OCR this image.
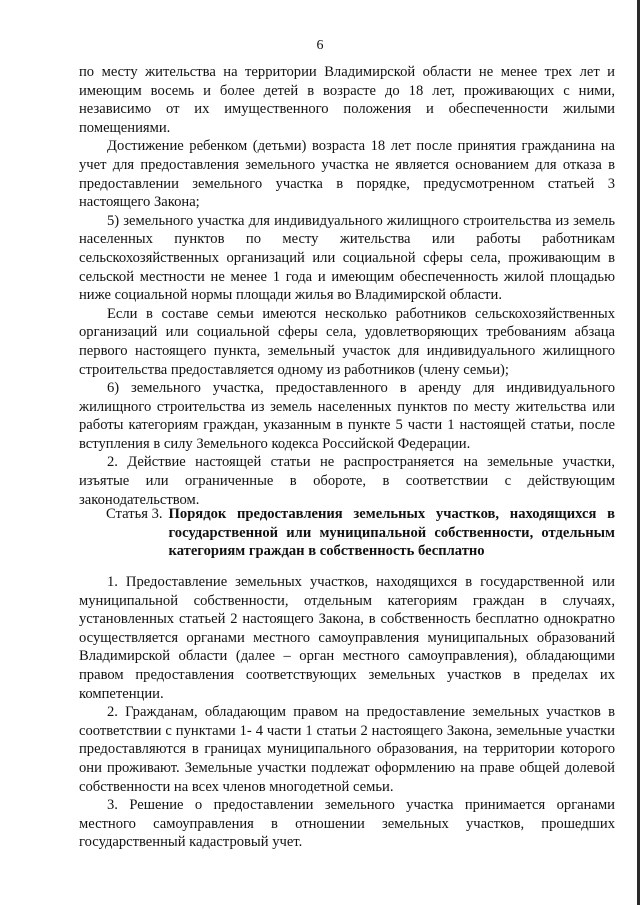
6

по месту жительства на территории Владимирской области не менее трех лет и имеющим восемь и более детей в возрасте до 18 лет, проживающих с ними, независимо от их имущественного положения и обеспеченности жилыми помещениями.

Достижение ребенком (детьми) возраста 18 лет после принятия гражданина на учет для предоставления земельного участка не является основанием для отказа в предоставлении земельного участка в порядке, предусмотренном статьей 3 настоящего Закона;

5) земельного участка для индивидуального жилищного строительства из земель населенных пунктов по месту жительства или работы работникам сельскохозяйственных организаций или социальной сферы села, проживающим в сельской местности не менее 1 года и имеющим обеспеченность жилой площадью ниже социальной нормы площади жилья во Владимирской области.

Если в составе семьи имеются несколько работников сельскохозяйственных организаций или социальной сферы села, удовлетворяющих требованиям абзаца первого настоящего пункта, земельный участок для индивидуального жилищного строительства предоставляется одному из работников (члену семьи);

6) земельного участка, предоставленного в аренду для индивидуального жилищного строительства из земель населенных пунктов по месту жительства или работы категориям граждан, указанным в пункте 5 части 1 настоящей статьи, после вступления в силу Земельного кодекса Российской Федерации.

2. Действие настоящей статьи не распространяется на земельные участки, изъятые или ограниченные в обороте, в соответствии с действующим законодательством.

Статья 3. Порядок предоставления земельных участков, находящихся в государственной или муниципальной собственности, отдельным категориям граждан в собственность бесплатно

1. Предоставление земельных участков, находящихся в государственной или муниципальной собственности, отдельным категориям граждан в случаях, установленных статьей 2 настоящего Закона, в собственность бесплатно однократно осуществляется органами местного самоуправления муниципальных образований Владимирской области (далее – орган местного самоуправления), обладающими правом предоставления соответствующих земельных участков в пределах их компетенции.

2. Гражданам, обладающим правом на предоставление земельных участков в соответствии с пунктами 1- 4 части 1 статьи 2 настоящего Закона, земельные участки предоставляются в границах муниципального образования, на территории которого они проживают. Земельные участки подлежат оформлению на праве общей долевой собственности на всех членов многодетной семьи.

3. Решение о предоставлении земельного участка принимается органами местного самоуправления в отношении земельных участков, прошедших государственный кадастровый учет.
